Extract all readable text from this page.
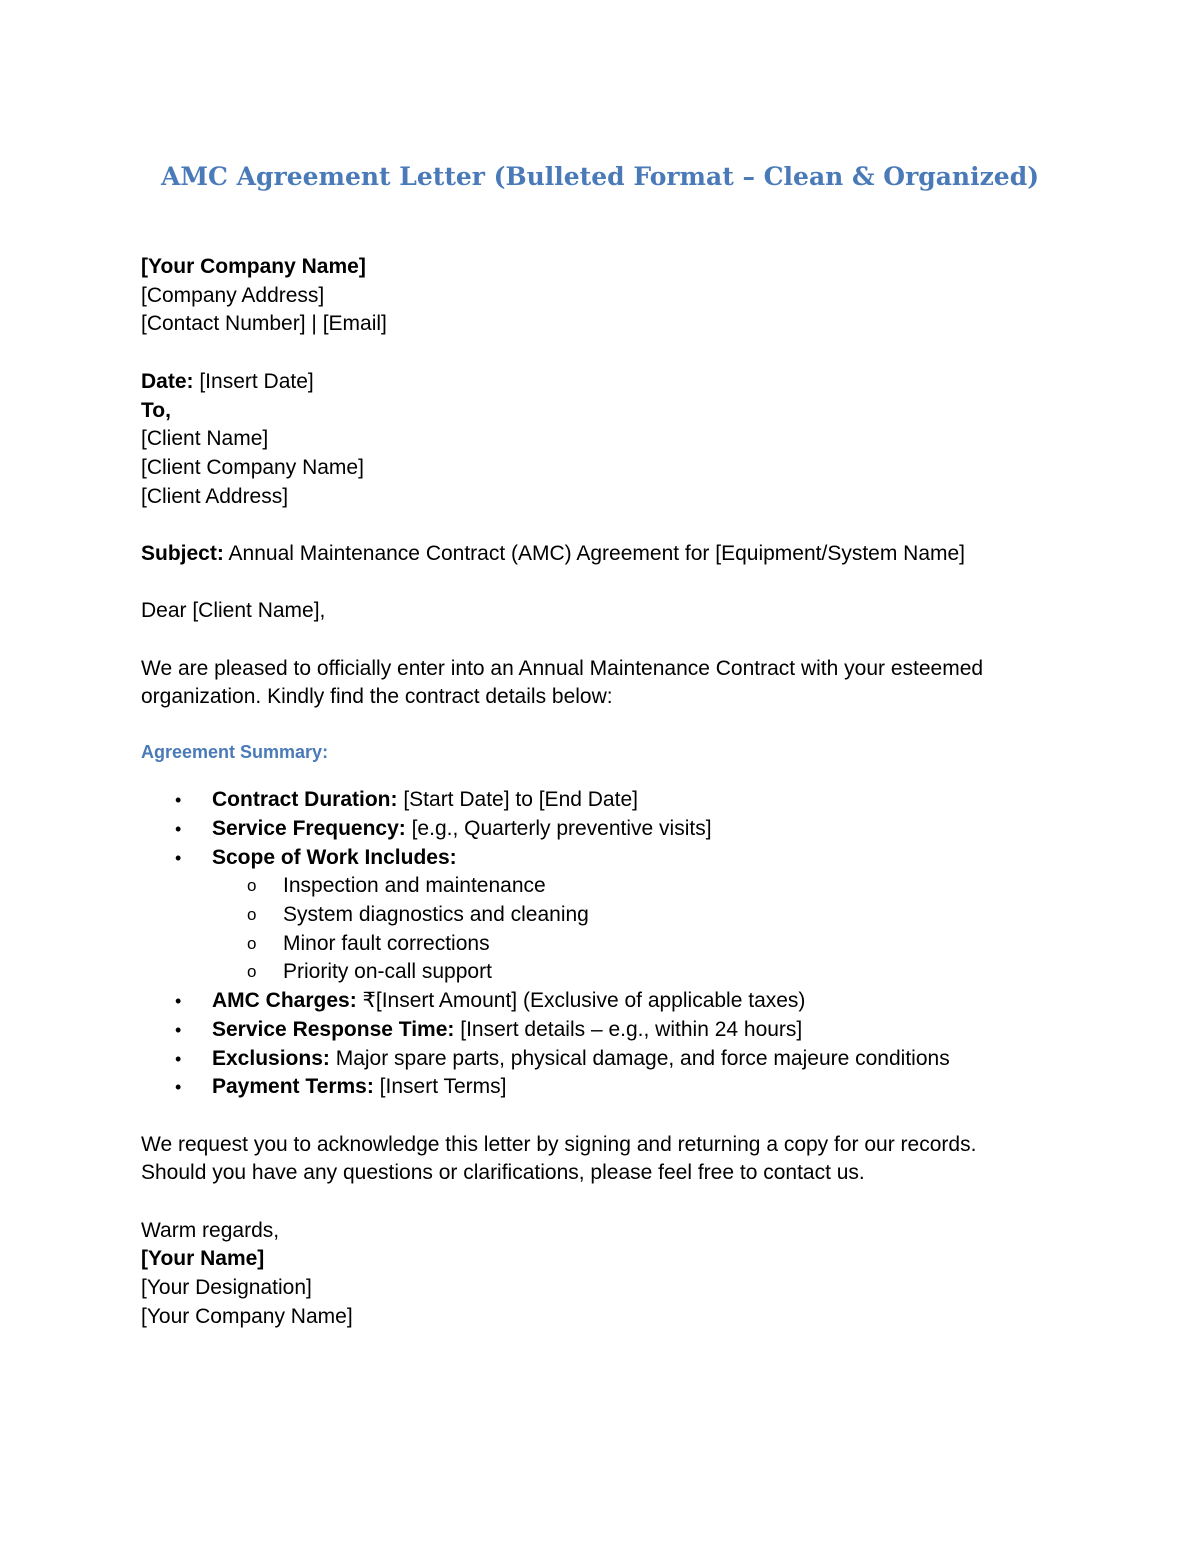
AMC Agreement Letter (Bulleted Format – Clean & Organized)
[Your Company Name]
[Company Address]
[Contact Number] | [Email]
Date: [Insert Date]
To,
[Client Name]
[Client Company Name]
[Client Address]
Subject: Annual Maintenance Contract (AMC) Agreement for [Equipment/System Name]
Dear [Client Name],
We are pleased to officially enter into an Annual Maintenance Contract with your esteemed organization. Kindly find the contract details below:
Agreement Summary:
• Contract Duration: [Start Date] to [End Date]
• Service Frequency: [e.g., Quarterly preventive visits]
• Scope of Work Includes:
o Inspection and maintenance
o System diagnostics and cleaning
o Minor fault corrections
o Priority on-call support
• AMC Charges: ₹[Insert Amount] (Exclusive of applicable taxes)
• Service Response Time: [Insert details – e.g., within 24 hours]
• Exclusions: Major spare parts, physical damage, and force majeure conditions
• Payment Terms: [Insert Terms]
We request you to acknowledge this letter by signing and returning a copy for our records.
Should you have any questions or clarifications, please feel free to contact us.
Warm regards,
[Your Name]
[Your Designation]
[Your Company Name]
